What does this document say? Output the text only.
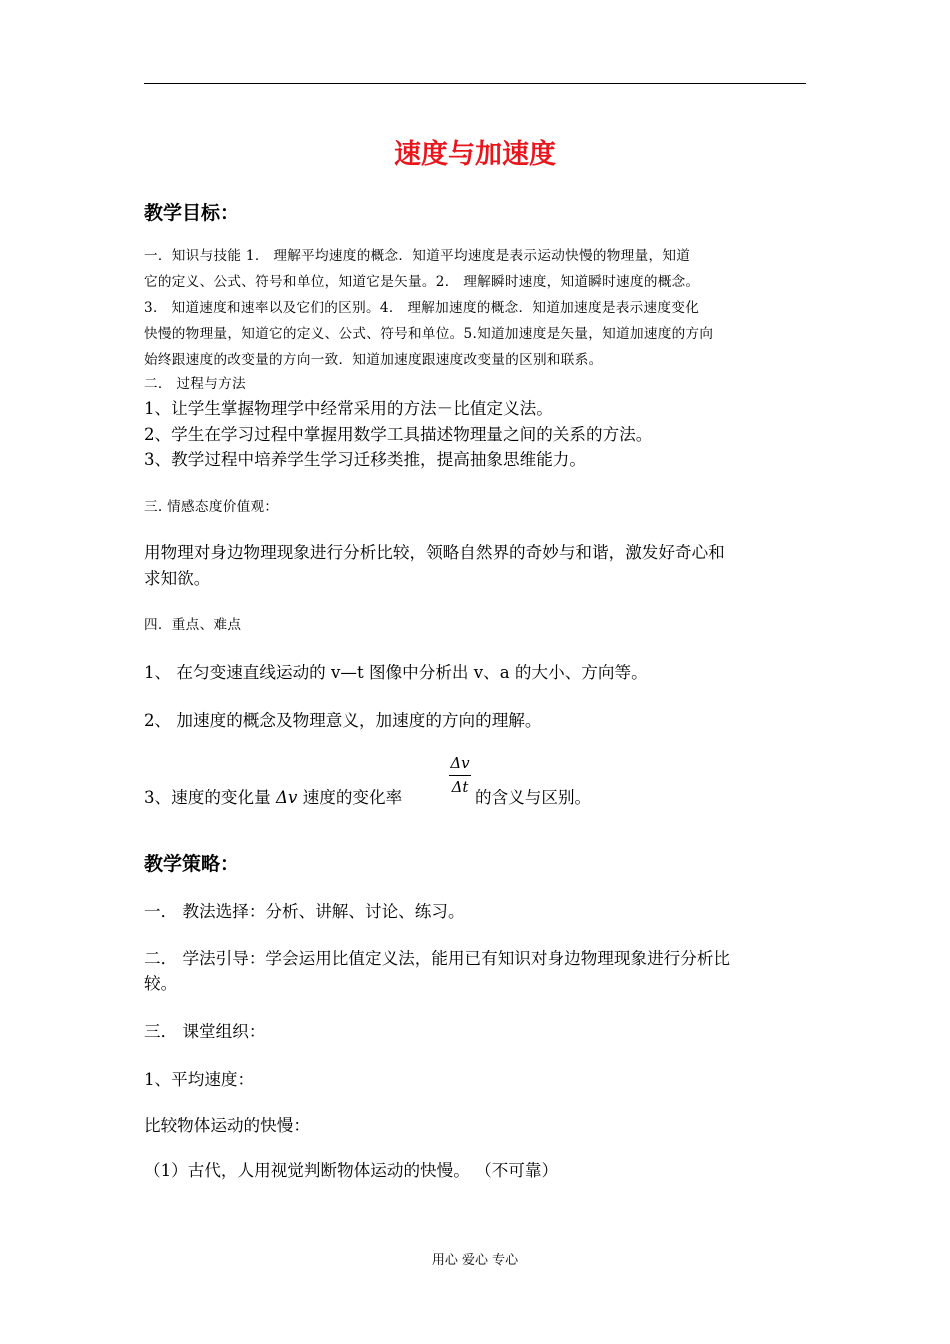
速度与加速度
教学目标：
一．知识与技能 1． 理解平均速度的概念．知道平均速度是表示运动快慢的物理量，知道
它的定义、公式、符号和单位，知道它是矢量。2． 理解瞬时速度，知道瞬时速度的概念。
3． 知道速度和速率以及它们的区别。4． 理解加速度的概念．知道加速度是表示速度变化
快慢的物理量，知道它的定义、公式、符号和单位。5.知道加速度是矢量，知道加速度的方向
始终跟速度的改变量的方向一致．知道加速度跟速度改变量的区别和联系。
二． 过程与方法
1、让学生掌握物理学中经常采用的方法－比值定义法。
2、学生在学习过程中掌握用数学工具描述物理量之间的关系的方法。
3、教学过程中培养学生学习迁移类推，提高抽象思维能力。
三. 情感态度价值观：
用物理对身边物理现象进行分析比较，领略自然界的奇妙与和谐，激发好奇心和
求知欲。
四．重点、难点
1、 在匀变速直线运动的 v—t 图像中分析出 v、a 的大小、方向等。
2、 加速度的概念及物理意义，加速度的方向的理解。
3、速度的变化量 Δv 速度的变化率
Δv
Δt
的含义与区别。
教学策略：
一． 教法选择：分析、讲解、讨论、练习。
二． 学法引导：学会运用比值定义法，能用已有知识对身边物理现象进行分析比
较。
三． 课堂组织：
1、平均速度：
比较物体运动的快慢：
（1）古代，人用视觉判断物体运动的快慢。 （不可靠）
用心 爱心 专心
